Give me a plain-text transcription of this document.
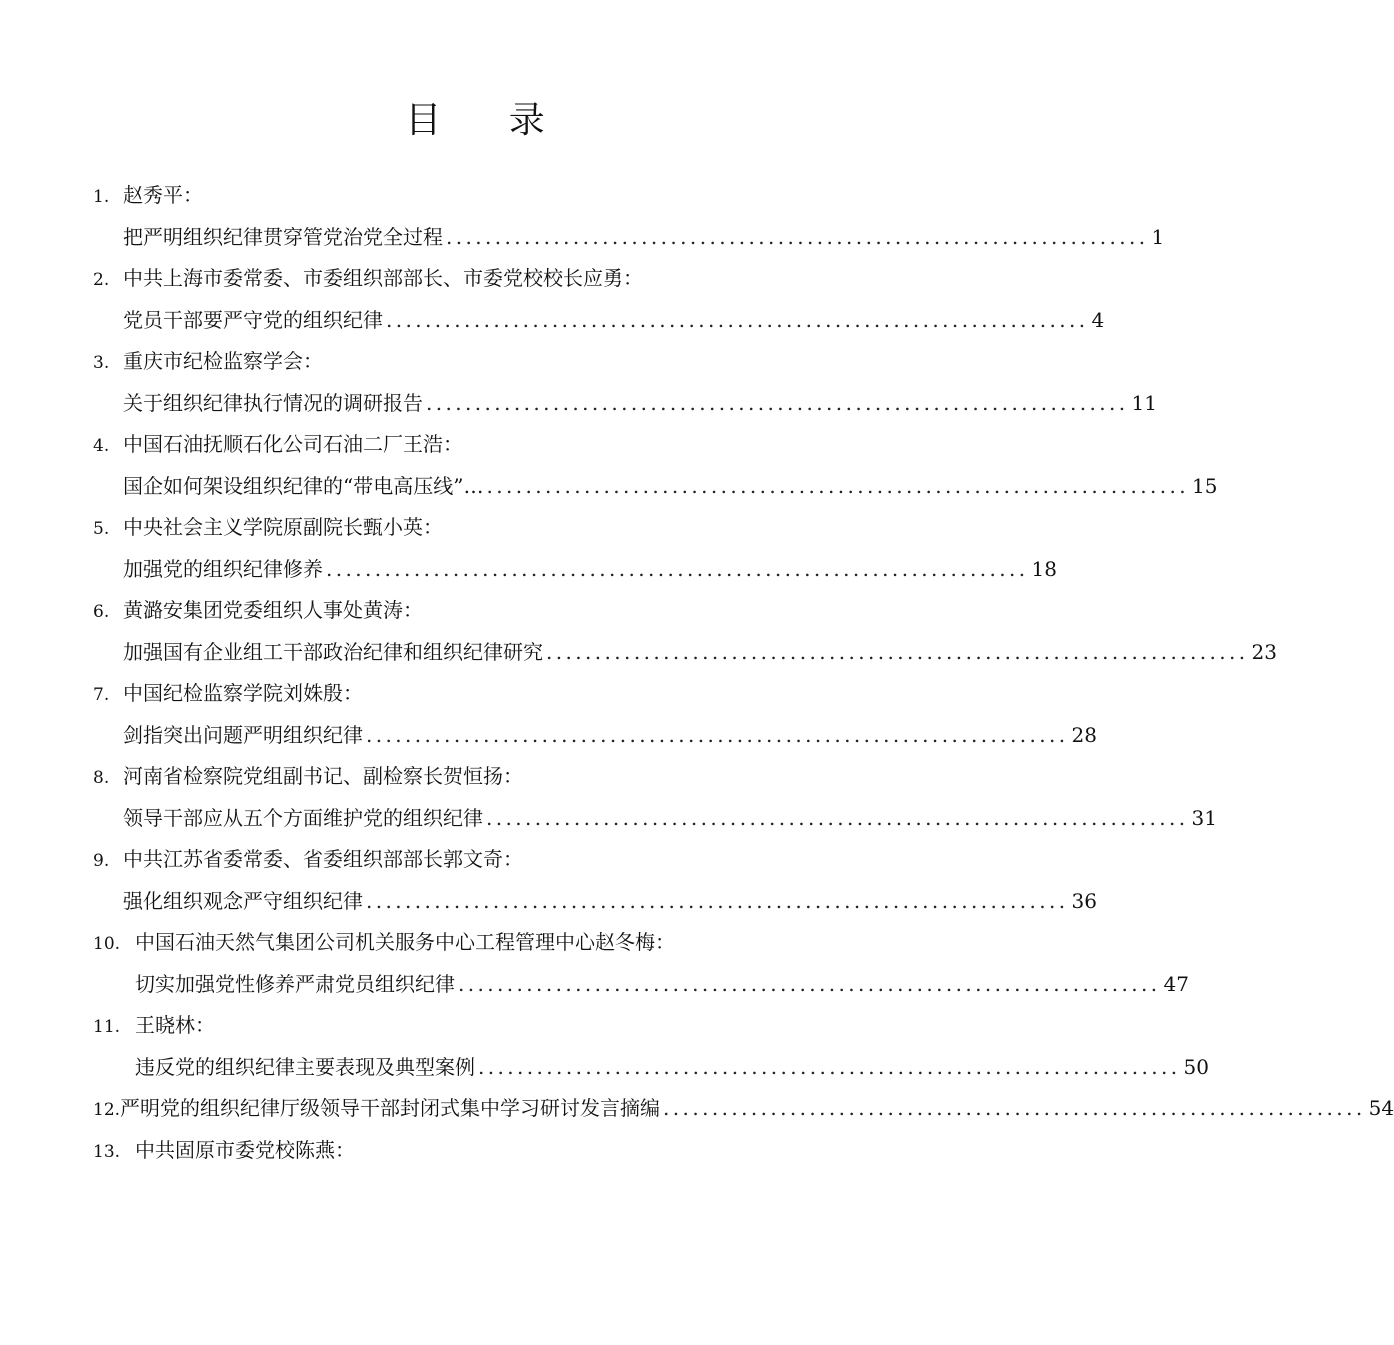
目 录
1. 赵秀平：
把严明组织纪律贯穿管党治党全过程 ........................................................................ 1
2. 中共上海市委常委、市委组织部部长、市委党校校长应勇：
党员干部要严守党的组织纪律 ........................................................................ 4
3. 重庆市纪检监察学会：
关于组织纪律执行情况的调研报告 ........................................................................ 11
4. 中国石油抚顺石化公司石油二厂王浩：
国企如何架设组织纪律的“带电高压线”… ........................................................................ 15
5. 中央社会主义学院原副院长甄小英：
加强党的组织纪律修养 ........................................................................ 18
6. 黄潞安集团党委组织人事处黄涛：
加强国有企业组工干部政治纪律和组织纪律研究 ........................................................................ 23
7. 中国纪检监察学院刘姝殷：
剑指突出问题严明组织纪律 ........................................................................ 28
8. 河南省检察院党组副书记、副检察长贺恒扬：
领导干部应从五个方面维护党的组织纪律 ........................................................................ 31
9. 中共江苏省委常委、省委组织部部长郭文奇：
强化组织观念严守组织纪律 ........................................................................ 36
10. 中国石油天然气集团公司机关服务中心工程管理中心赵冬梅：
切实加强党性修养严肃党员组织纪律 ........................................................................ 47
11. 王晓林：
违反党的组织纪律主要表现及典型案例 ........................................................................ 50
12. 严明党的组织纪律厅级领导干部封闭式集中学习研讨发言摘编 ........................................................................ 54
13. 中共固原市委党校陈燕：
